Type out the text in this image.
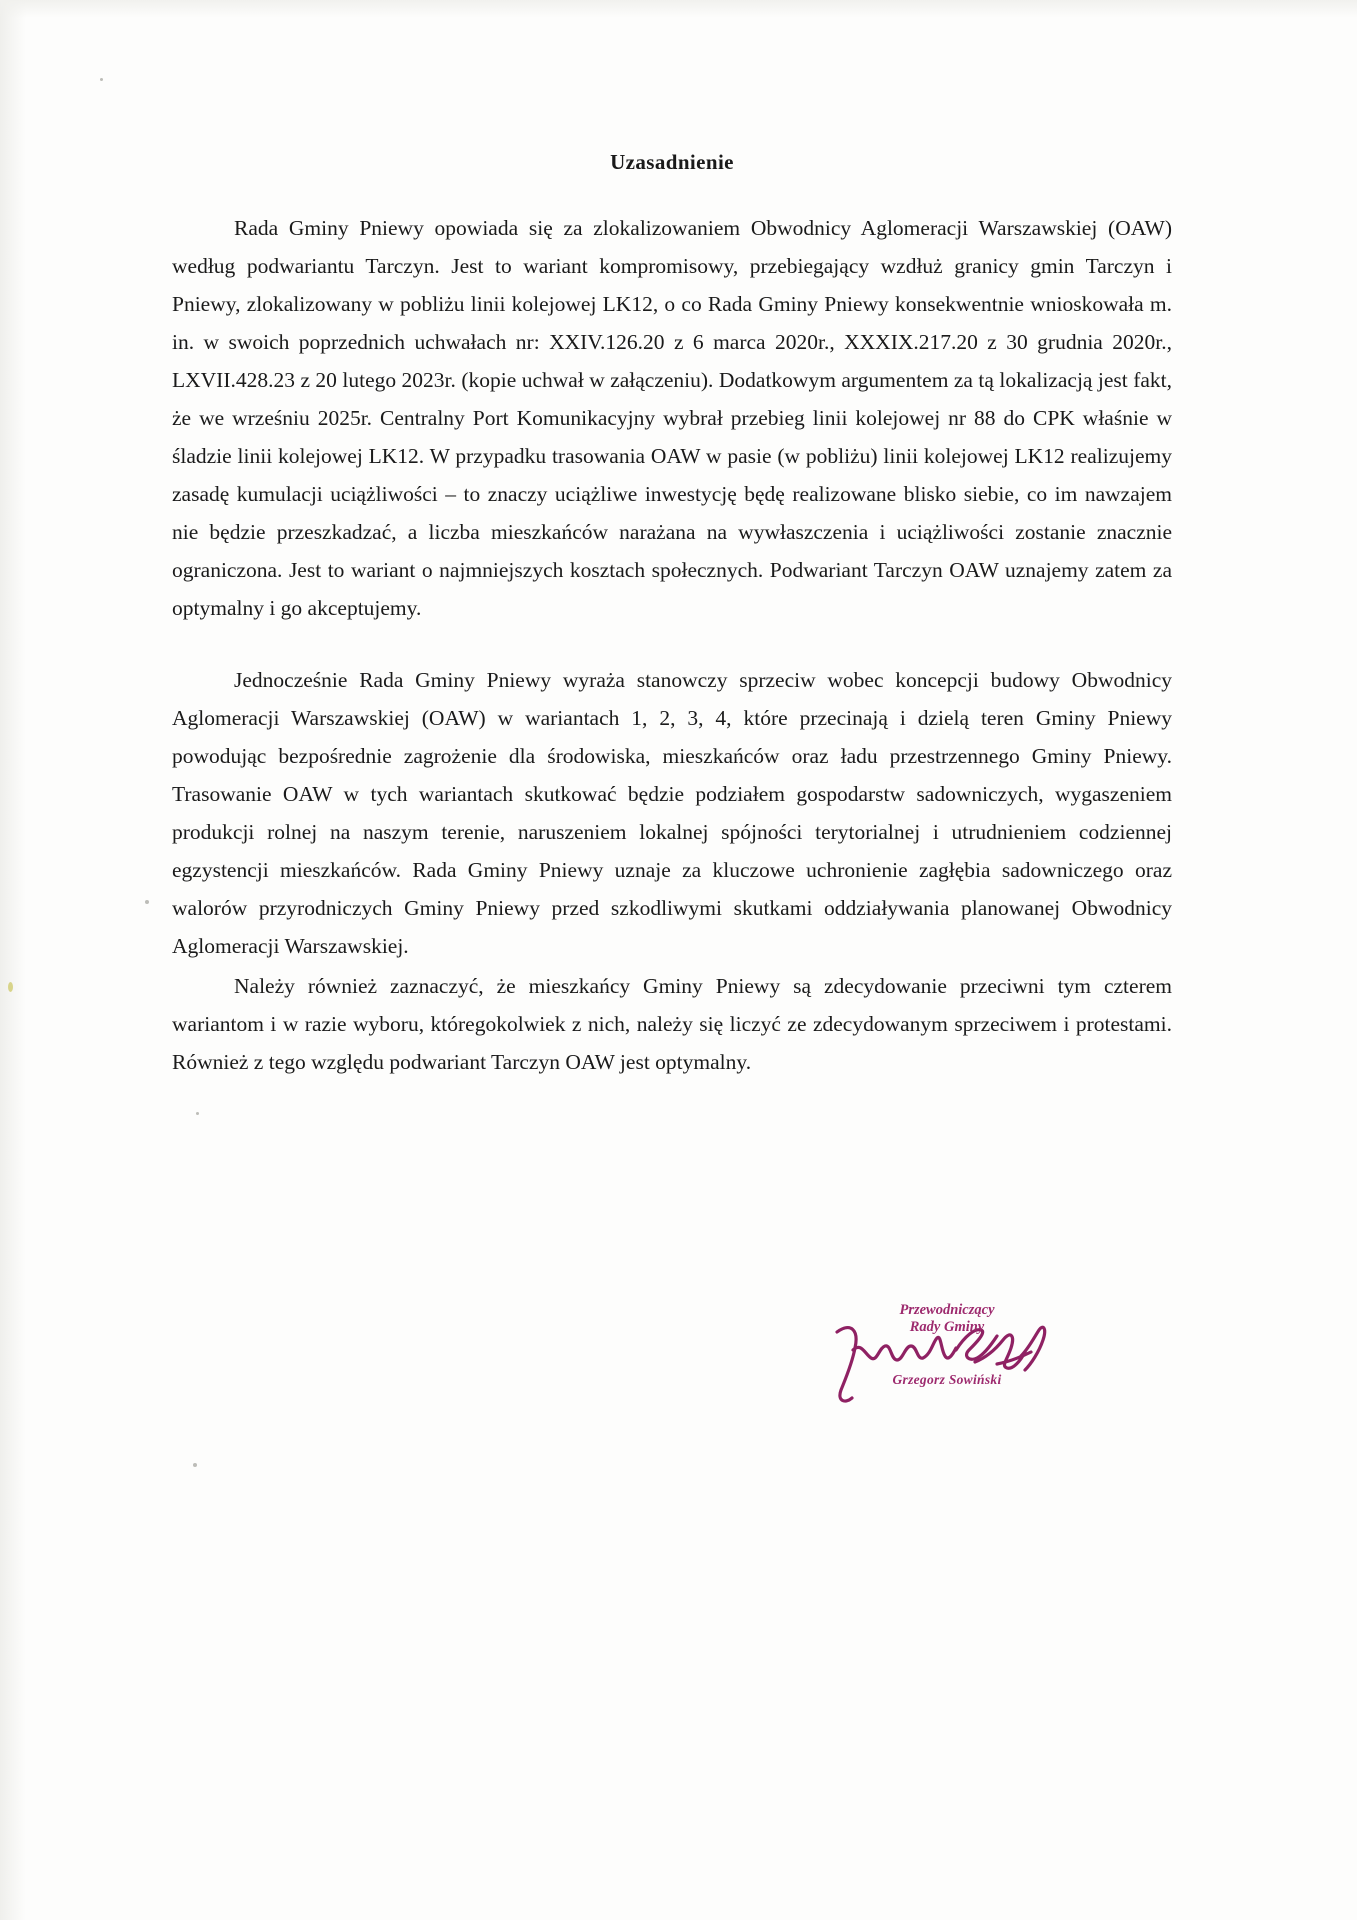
Uzasadnienie

Rada Gminy Pniewy opowiada się za zlokalizowaniem Obwodnicy Aglomeracji Warszawskiej (OAW) według podwariantu Tarczyn. Jest to wariant kompromisowy, przebiegający wzdłuż granicy gmin Tarczyn i Pniewy, zlokalizowany w pobliżu linii kolejowej LK12, o co Rada Gminy Pniewy konsekwentnie wnioskowała m. in. w swoich poprzednich uchwałach nr: XXIV.126.20 z 6 marca 2020r., XXXIX.217.20 z 30 grudnia 2020r., LXVII.428.23 z 20 lutego 2023r. (kopie uchwał w załączeniu). Dodatkowym argumentem za tą lokalizacją jest fakt, że we wrześniu 2025r. Centralny Port Komunikacyjny wybrał przebieg linii kolejowej nr 88 do CPK właśnie w śladzie linii kolejowej LK12. W przypadku trasowania OAW w pasie (w pobliżu) linii kolejowej LK12 realizujemy zasadę kumulacji uciążliwości – to znaczy uciążliwe inwestycję będę realizowane blisko siebie, co im nawzajem nie będzie przeszkadzać, a liczba mieszkańców narażana na wywłaszczenia i uciążliwości zostanie znacznie ograniczona. Jest to wariant o najmniejszych kosztach społecznych. Podwariant Tarczyn OAW uznajemy zatem za optymalny i go akceptujemy.

Jednocześnie Rada Gminy Pniewy wyraża stanowczy sprzeciw wobec koncepcji budowy Obwodnicy Aglomeracji Warszawskiej (OAW) w wariantach 1, 2, 3, 4, które przecinają i dzielą teren Gminy Pniewy powodując bezpośrednie zagrożenie dla środowiska, mieszkańców oraz ładu przestrzennego Gminy Pniewy. Trasowanie OAW w tych wariantach skutkować będzie podziałem gospodarstw sadowniczych, wygaszeniem produkcji rolnej na naszym terenie, naruszeniem lokalnej spójności terytorialnej i utrudnieniem codziennej egzystencji mieszkańców. Rada Gminy Pniewy uznaje za kluczowe uchronienie zagłębia sadowniczego oraz walorów przyrodniczych Gminy Pniewy przed szkodliwymi skutkami oddziaływania planowanej Obwodnicy Aglomeracji Warszawskiej.

Należy również zaznaczyć, że mieszkańcy Gminy Pniewy są zdecydowanie przeciwni tym czterem wariantom i w razie wyboru, któregokolwiek z nich, należy się liczyć ze zdecydowanym sprzeciwem i protestami. Również z tego względu podwariant Tarczyn OAW jest optymalny.

Przewodniczący
Rady Gminy
Grzegorz Sowiński
